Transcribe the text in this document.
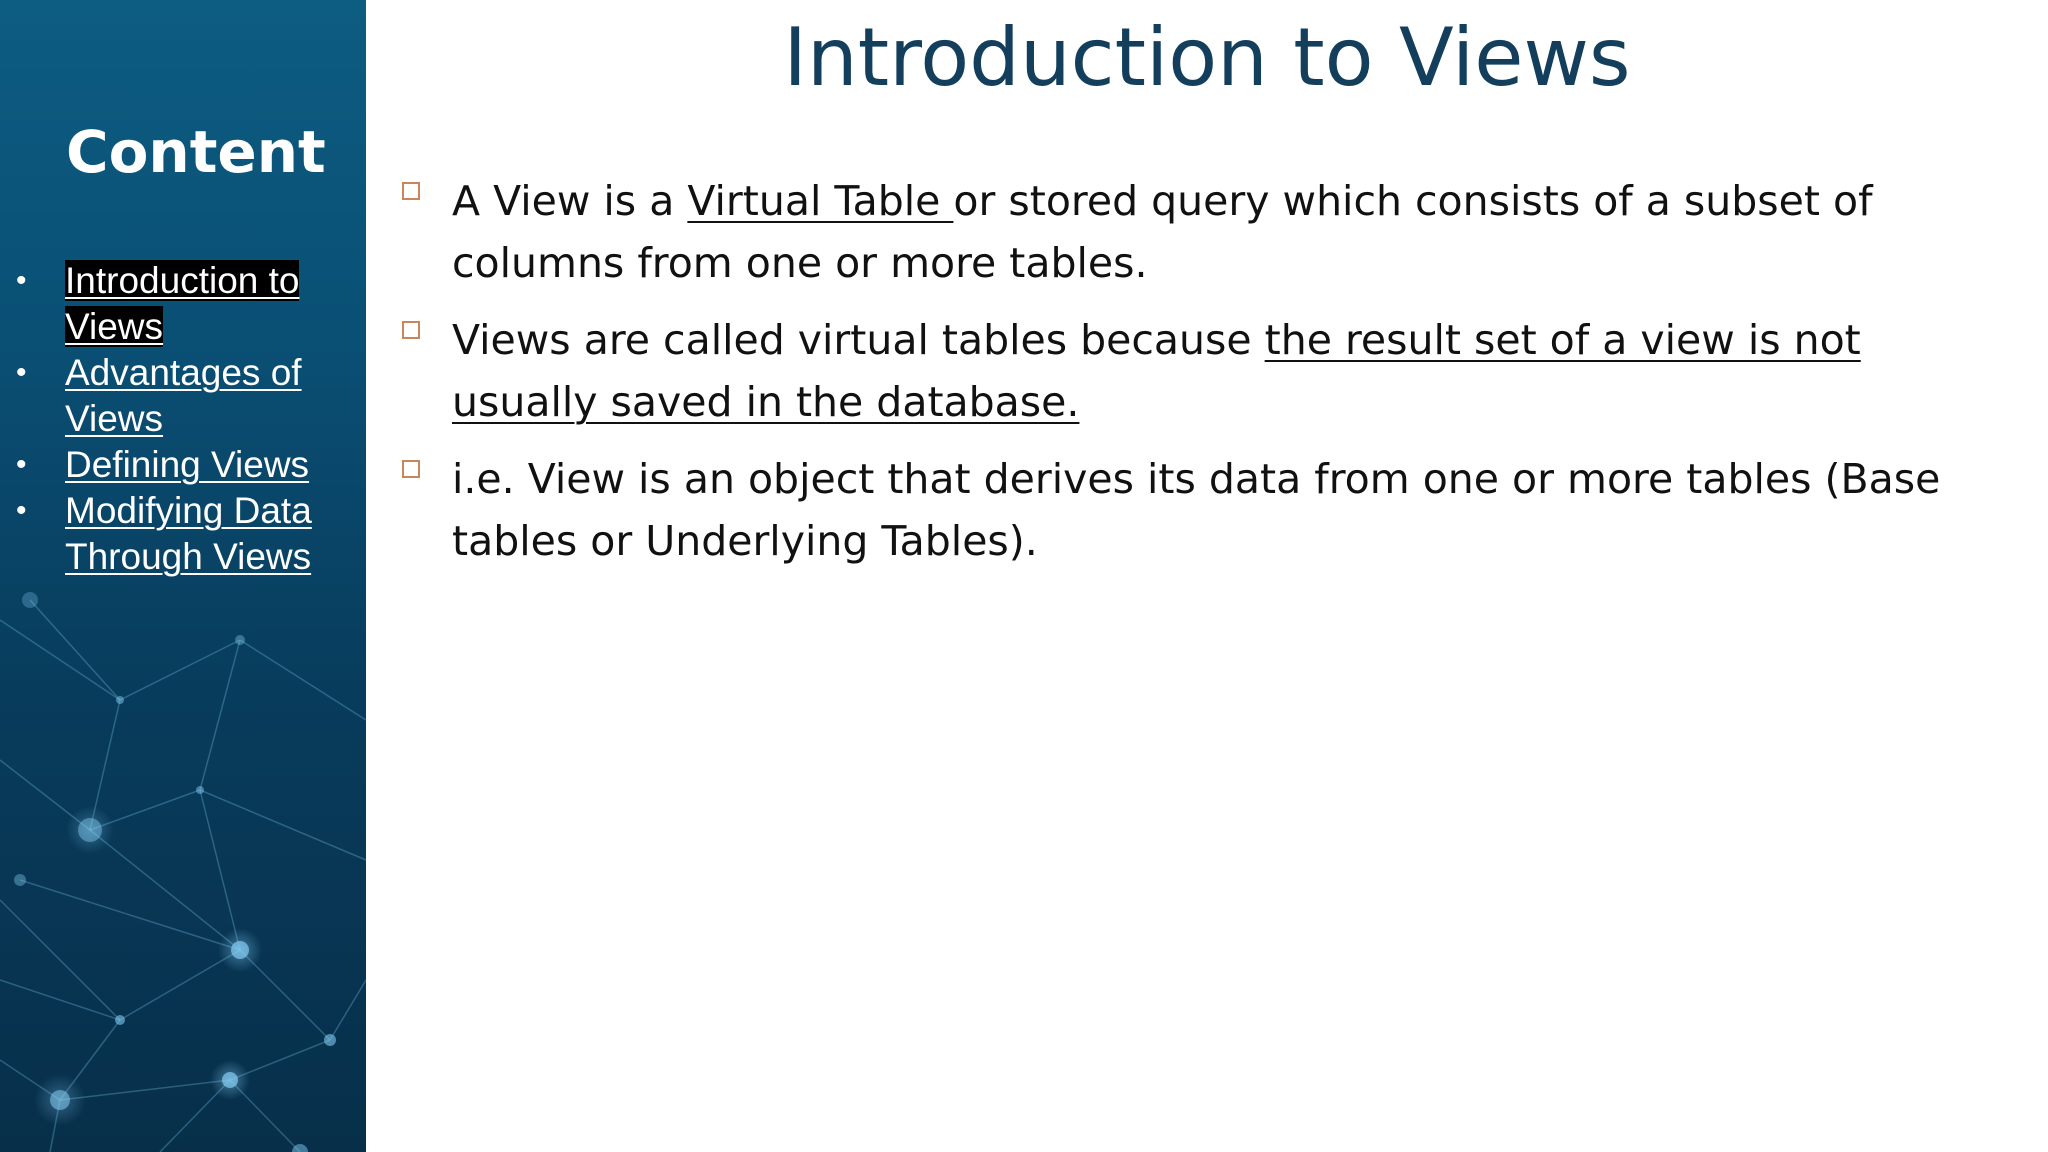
Content
• Introduction to Views
• Advantages of Views
• Defining Views
• Modifying Data Through Views
Introduction to Views
A View is a Virtual Table or stored query which consists of a subset of columns from one or more tables.
Views are called virtual tables because the result set of a view is not usually saved in the database.
i.e. View is an object that derives its data from one or more tables (Base tables or Underlying Tables).
